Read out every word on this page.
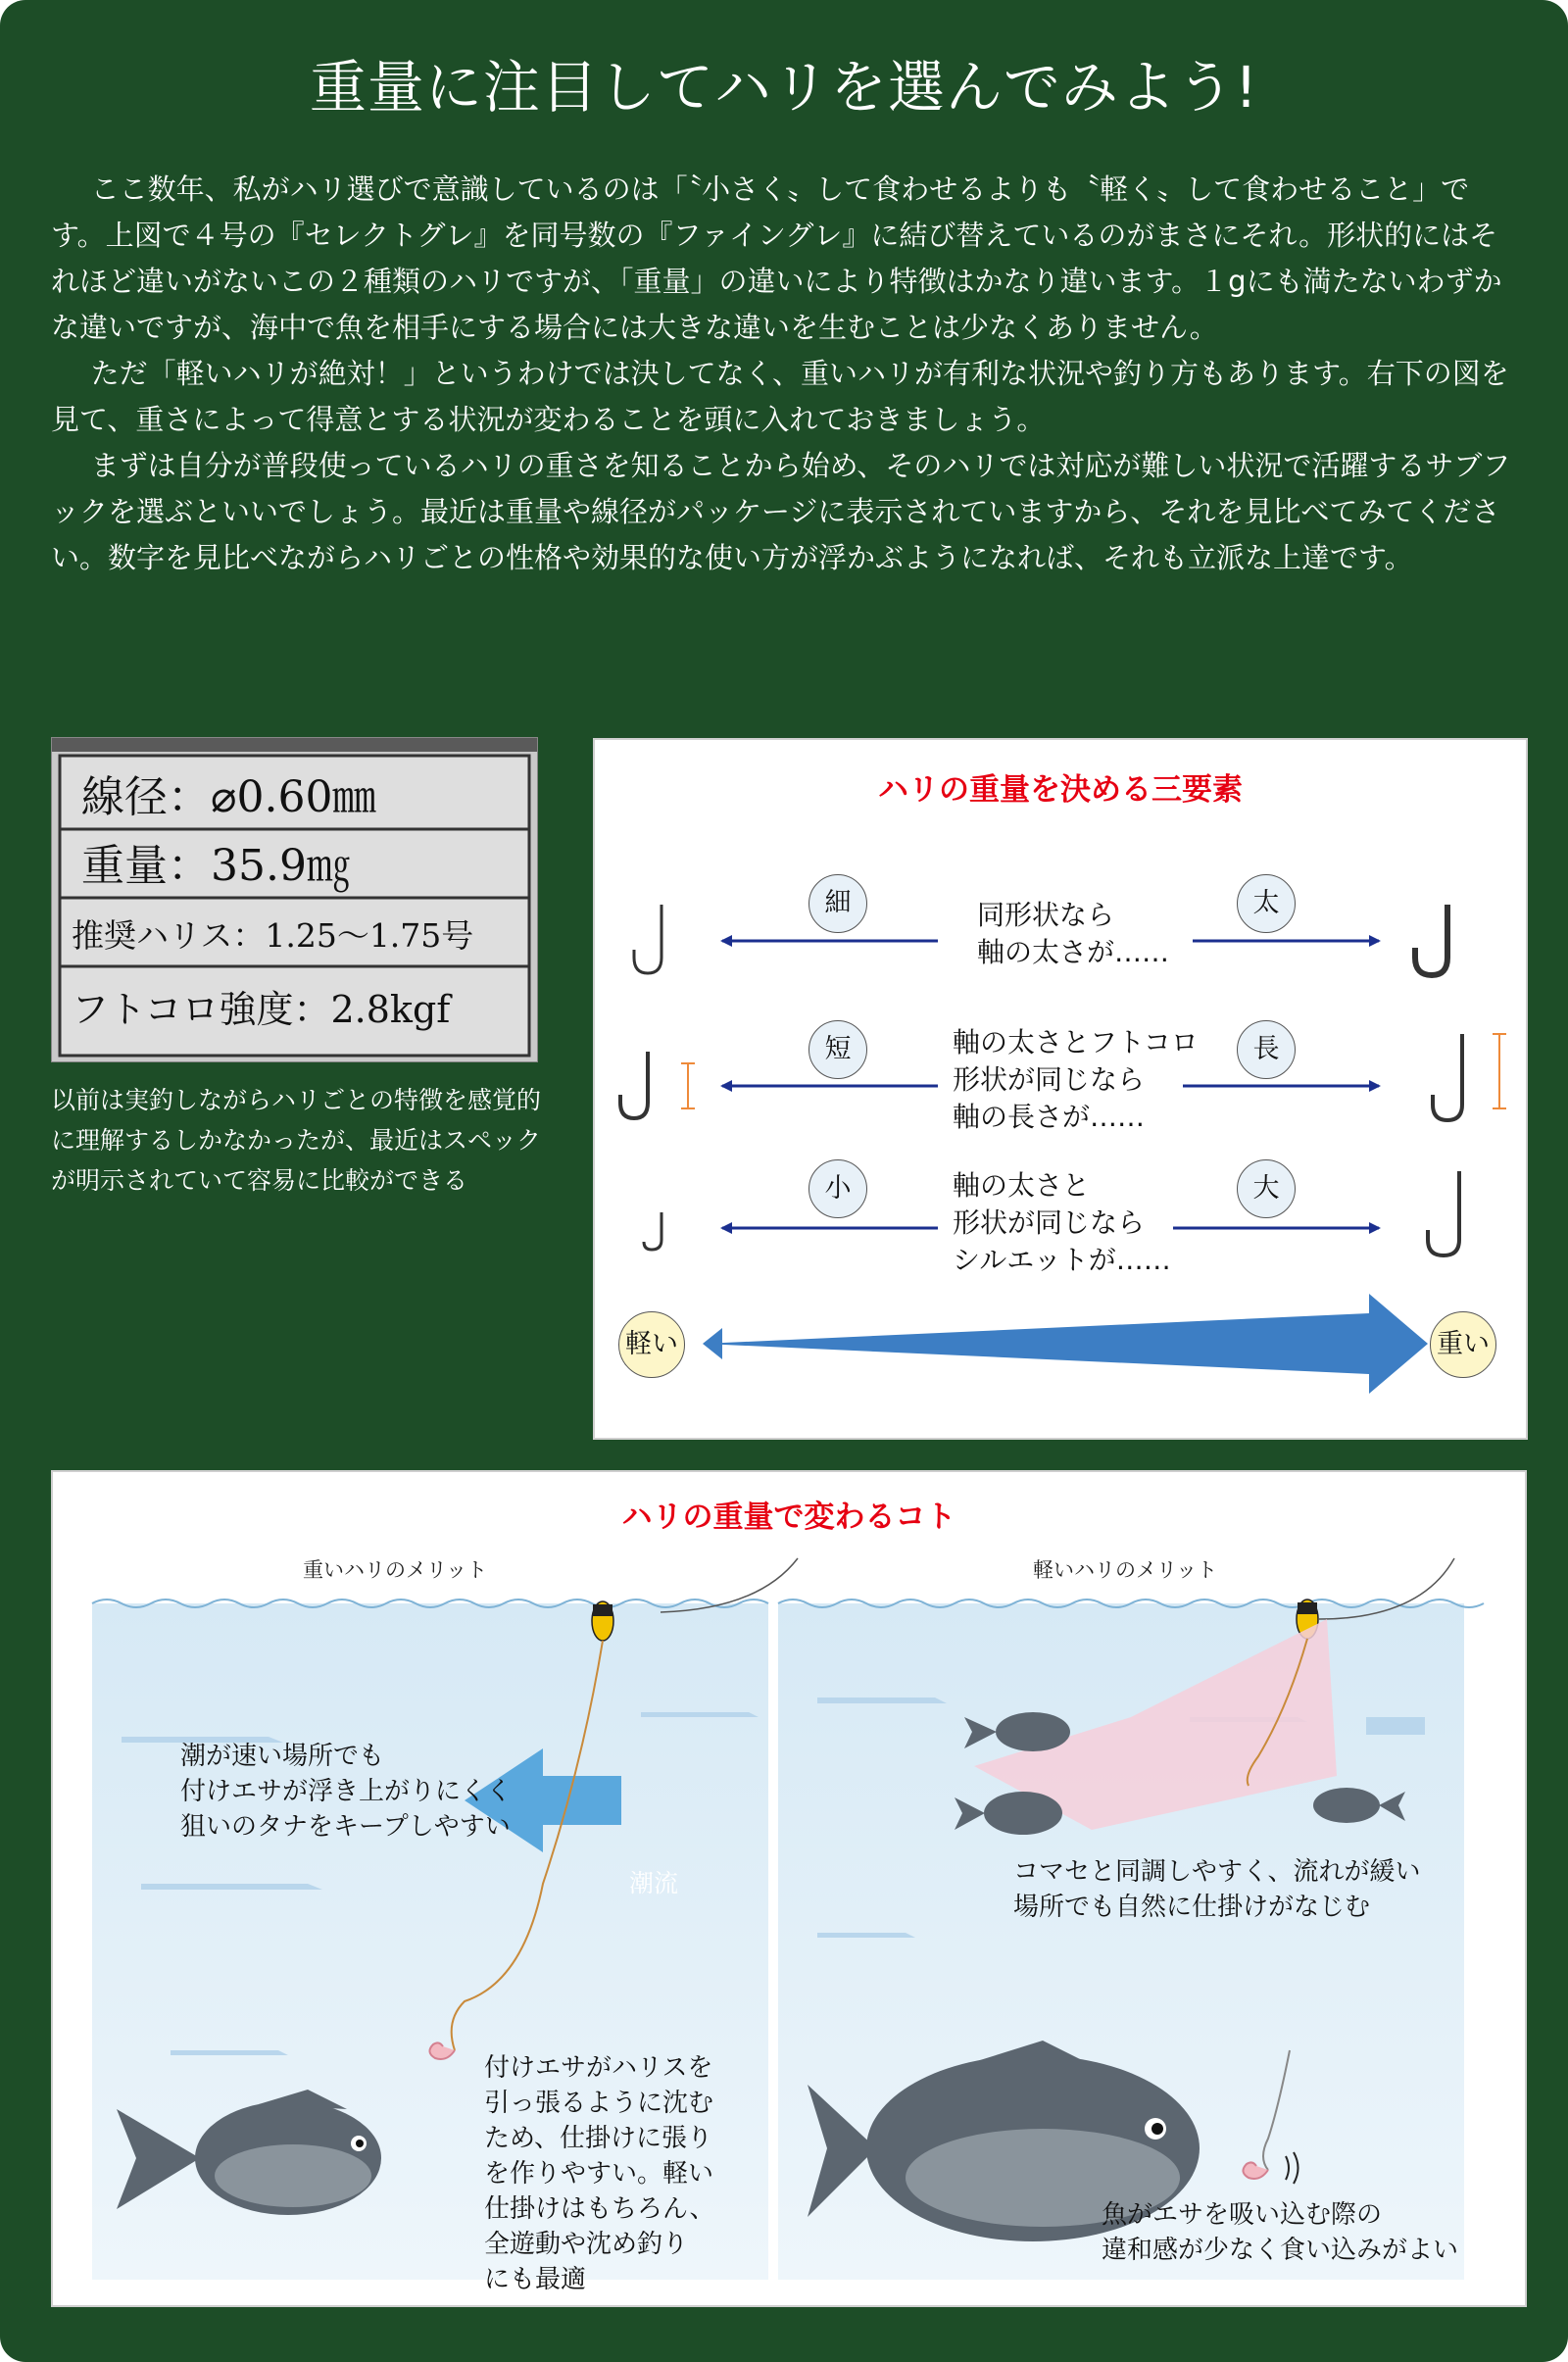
重量に注目してハリを選んでみよう!

ここ数年、私がハリ選びで意識しているのは「〝小さく〟して食わせるよりも〝軽く〟して食わせること」です。上図で４号の『セレクトグレ』を同号数の『ファイングレ』に結び替えているのがまさにそれ。形状的にはそれほど違いがないこの２種類のハリですが、「重量」の違いにより特徴はかなり違います。１gにも満たないわずかな違いですが、海中で魚を相手にする場合には大きな違いを生むことは少なくありません。

ただ「軽いハリが絶対！」というわけでは決してなく、重いハリが有利な状況や釣り方もあります。右下の図を見て、重さによって得意とする状況が変わることを頭に入れておきましょう。

まずは自分が普段使っているハリの重さを知ることから始め、そのハリでは対応が難しい状況で活躍するサブフックを選ぶといいでしょう。最近は重量や線径がパッケージに表示されていますから、それを見比べてみてください。数字を見比べながらハリごとの性格や効果的な使い方が浮かぶようになれば、それも立派な上達です。

線径：⌀0.60㎜
重量：35.9㎎
推奨ハリス：1.25～1.75号
フトコロ強度：2.8kgf
以前は実釣しながらハリごとの特徴を感覚的に理解するしかなかったが、最近はスペックが明示されていて容易に比較ができる
ハリの重量を決める三要素
細	太
短	長
小	大
同形状なら
軸の太さが……
軸の太さとフトコロ
形状が同じなら
軸の長さが……
軸の太さと
形状が同じなら
シルエットが……
軽い	重い
ハリの重量で変わるコト
重いハリのメリット	軽いハリのメリット
潮流
潮が速い場所でも
付けエサが浮き上がりにくく
狙いのタナをキープしやすい
付けエサがハリスを
引っ張るように沈む
ため、仕掛けに張り
を作りやすい。軽い
仕掛けはもちろん、
全遊動や沈め釣り
にも最適
コマセと同調しやすく、流れが緩い
場所でも自然に仕掛けがなじむ
魚がエサを吸い込む際の
違和感が少なく食い込みがよい
